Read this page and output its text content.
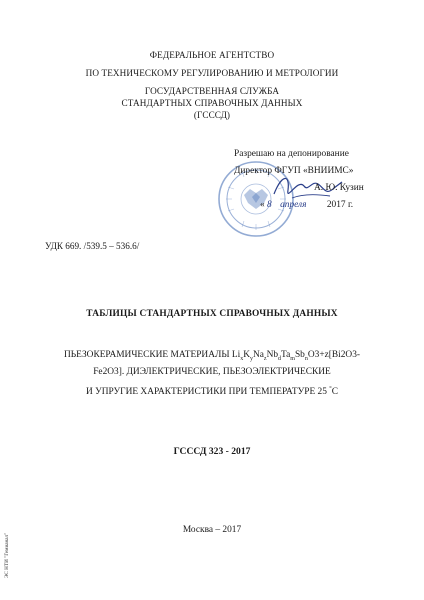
ФЕДЕРАЛЬНОЕ АГЕНТСТВО
ПО ТЕХНИЧЕСКОМУ РЕГУЛИРОВАНИЮ И МЕТРОЛОГИИ
ГОСУДАРСТВЕННАЯ СЛУЖБА
СТАНДАРТНЫХ СПРАВОЧНЫХ ДАННЫХ
(ГСССД)
Разрешаю на депонирование
Директор ФГУП «ВНИИМС»
А. Ю. Кузин
« 8 апреля 2017 г.
УДК 669. /539.5 – 536.6/
ТАБЛИЦЫ СТАНДАРТНЫХ СПРАВОЧНЫХ ДАННЫХ
ПЬЕЗОКЕРАМИЧЕСКИЕ МАТЕРИАЛЫ $Li_xK_yNa_zNb_dTa_mSb_nO3+z[Bi2O3-$
Fe2O3]. ДИЭЛЕКТРИЧЕСКИЕ, ПЬЕЗОЭЛЕКТРИЧЕСКИЕ
И УПРУГИЕ ХАРАКТЕРИСТИКИ ПРИ ТЕМПЕРАТУРЕ 25 °С
ГСССД 323 - 2017
Москва – 2017
ЭС НТИ "Гемианал"
